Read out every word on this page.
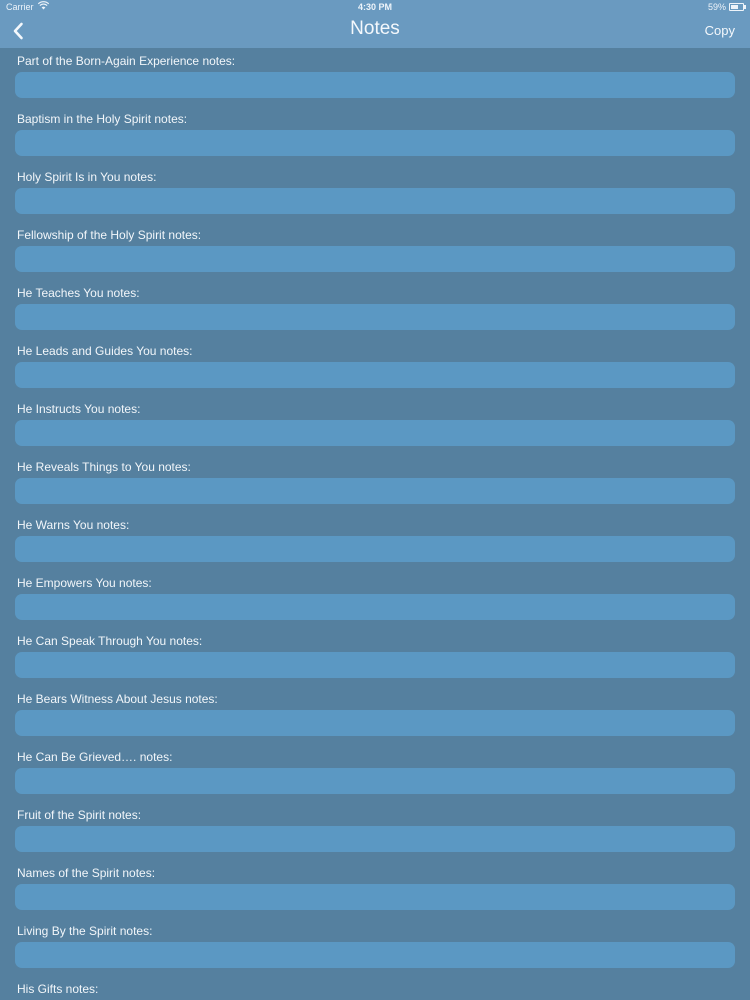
Carrier	4:30 PM	59%
Notes	Copy
Part of the Born-Again Experience notes:
Baptism in the Holy Spirit notes:
Holy Spirit Is in You notes:
Fellowship of the Holy Spirit notes:
He Teaches You notes:
He Leads and Guides You notes:
He Instructs You notes:
He Reveals Things to You notes:
He Warns You notes:
He Empowers You notes:
He Can Speak Through You notes:
He Bears Witness About Jesus notes:
He Can Be Grieved…. notes:
Fruit of the Spirit notes:
Names of the Spirit notes:
Living By the Spirit notes:
His Gifts notes:
